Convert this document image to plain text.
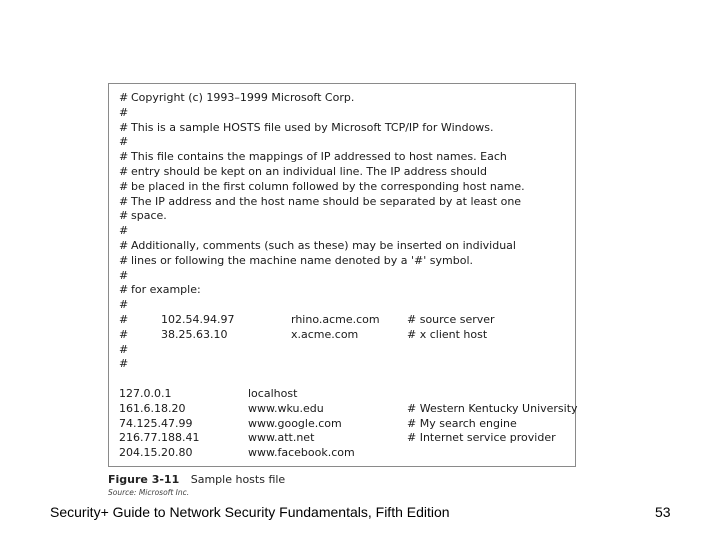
# Copyright (c) 1993–1999 Microsoft Corp.
#
# This is a sample HOSTS file used by Microsoft TCP/IP for Windows.
#
# This file contains the mappings of IP addressed to host names. Each
# entry should be kept on an individual line. The IP address should
# be placed in the first column followed by the corresponding host name.
# The IP address and the host name should be separated by at least one
# space.
#
# Additionally, comments (such as these) may be inserted on individual
# lines or following the machine name denoted by a '#' symbol.
#
# for example:
#
#	102.54.94.97	rhino.acme.com # source server
#	38.25.63.10	x.acme.com	# x client host
#
#
127.0.0.1	localhost
161.6.18.20	www.wku.edu	# Western Kentucky University
74.125.47.99	www.google.com	# My search engine
216.77.188.41	www.att.net	# Internet service provider
204.15.20.80	www.facebook.com
Figure 3-11 Sample hosts file
Source: Microsoft Inc.
Security+ Guide to Network Security Fundamentals, Fifth Edition	53
